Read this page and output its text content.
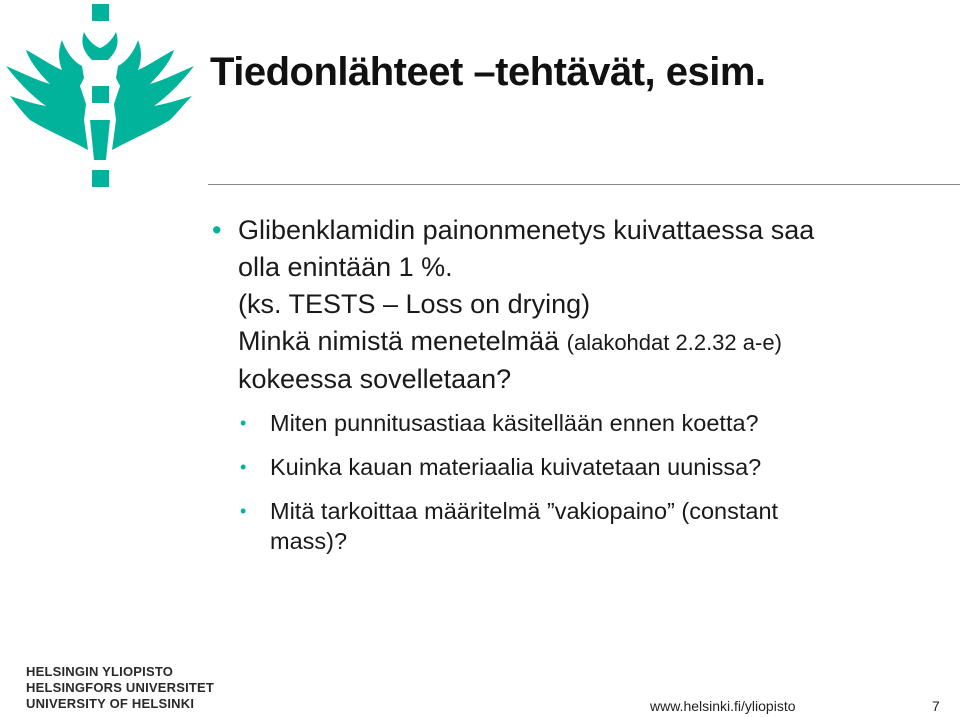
Tiedonlähteet –tehtävät, esim.
• Glibenklamidin painonmenetys kuivattaessa saa
olla enintään 1 %.
(ks. TESTS – Loss on drying)
Minkä nimistä menetelmää (alakohdat 2.2.32 a-e)
kokeessa sovelletaan?
• Miten punnitusastiaa käsitellään ennen koetta?
• Kuinka kauan materiaalia kuivatetaan uunissa?
• Mitä tarkoittaa määritelmä ”vakiopaino” (constant
mass)?
HELSINGIN YLIOPISTO
HELSINGFORS UNIVERSITET
UNIVERSITY OF HELSINKI	www.helsinki.fi/yliopisto	7
